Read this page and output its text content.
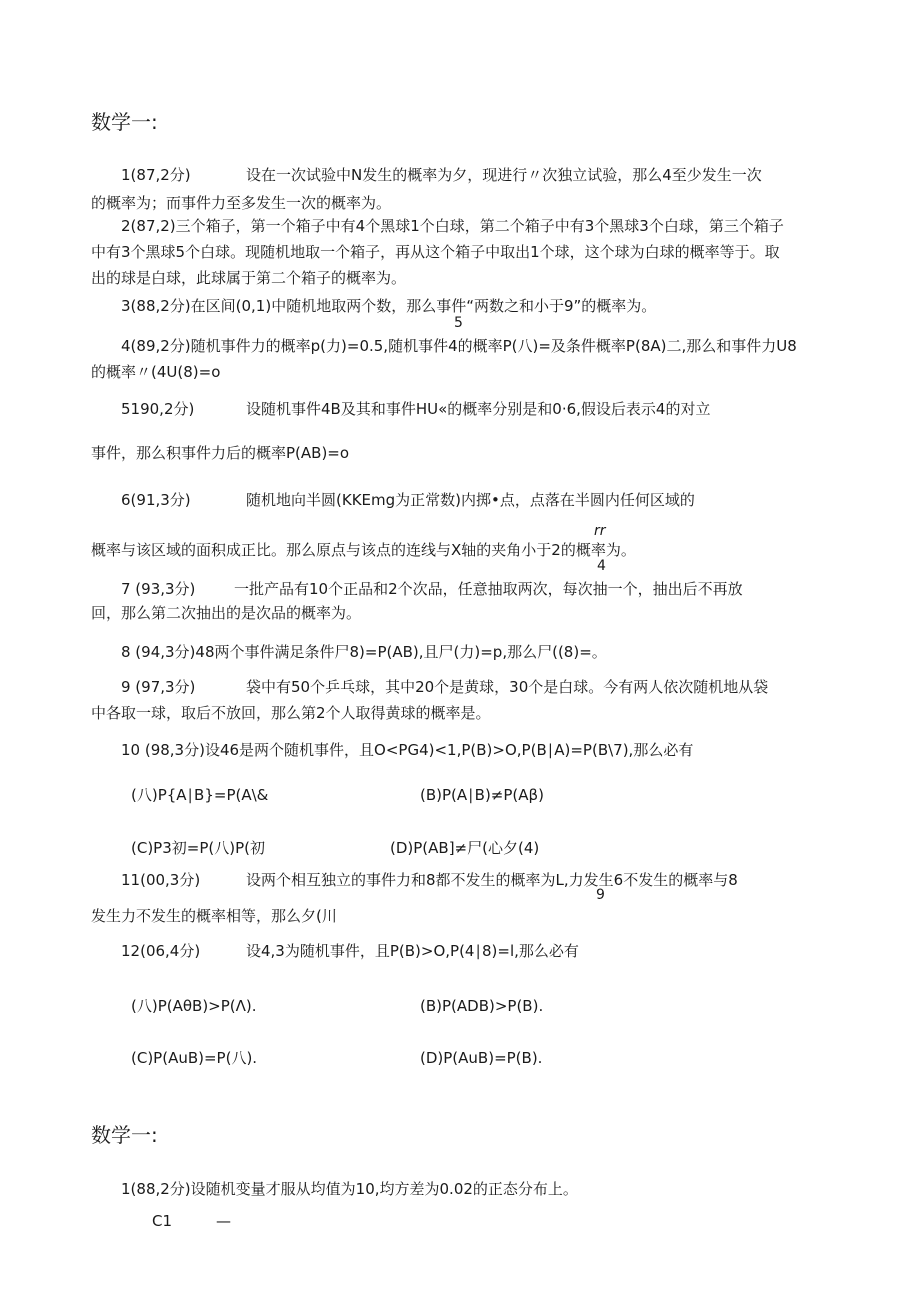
数学一:
1(87,2分)	设在一次试验中N发生的概率为夕，现进行〃次独立试验，那么4至少发生一次
的概率为；而事件力至多发生一次的概率为。
2(87,2)三个箱子，第一个箱子中有4个黑球1个白球，第二个箱子中有3个黑球3个白球，第三个箱子
中有3个黑球5个白球。现随机地取一个箱子，再从这个箱子中取出1个球，这个球为白球的概率等于。取
出的球是白球，此球属于第二个箱子的概率为。
3(88,2分)在区间(0,1)中随机地取两个数，那么事件“两数之和小于9”的概率为。
5
4(89,2分)随机事件力的概率p(力)=0.5,随机事件4的概率P(八)=及条件概率P(8A)二,那么和事件力U8
的概率〃(4U(8)=o
5190,2分)	设随机事件4B及其和事件HU«的概率分别是和0·6,假设后表示4的对立
事件，那么积事件力后的概率P(AB)=o
6(91,3分)	随机地向半圆(KKEmg为正常数)内掷•点，点落在半圆内任何区域的
rr
概率与该区域的面积成正比。那么原点与该点的连线与X轴的夹角小于2的概率为。
4
7 (93,3分)	一批产品有10个正品和2个次品，任意抽取两次，每次抽一个，抽出后不再放
回，那么第二次抽出的是次品的概率为。
8 (94,3分)48两个事件满足条件尸8)=P(AB),且尸(力)=p,那么尸((8)=。
9 (97,3分)	袋中有50个乒乓球，其中20个是黄球，30个是白球。今有两人依次随机地从袋
中各取一球，取后不放回，那么第2个人取得黄球的概率是。
10 (98,3分)设46是两个随机事件，且O<PG4)<1,P(B)>O,P(B∣A)=P(B\7),那么必有
(八)P{A∣B}=P(A\&	(B)P(A∣B)≠P(Aβ)
(C)P3初=P(八)P(初	(D)P(AB]≠尸(心夕(4)
11(00,3分)	设两个相互独立的事件力和8都不发生的概率为L,力发生6不发生的概率与8
9
发生力不发生的概率相等，那么夕(川
12(06,4分)	设4,3为随机事件，且P(B)>O,P(4∣8)=l,那么必有
(八)P(AθB)>P(Λ).	(B)P(ADB)>P(B).
(C)P(AuB)=P(八).	(D)P(AuB)=P(B).
数学一:
1(88,2分)设随机变量才服从均值为10,均方差为0.02的正态分布上。
C1	—
